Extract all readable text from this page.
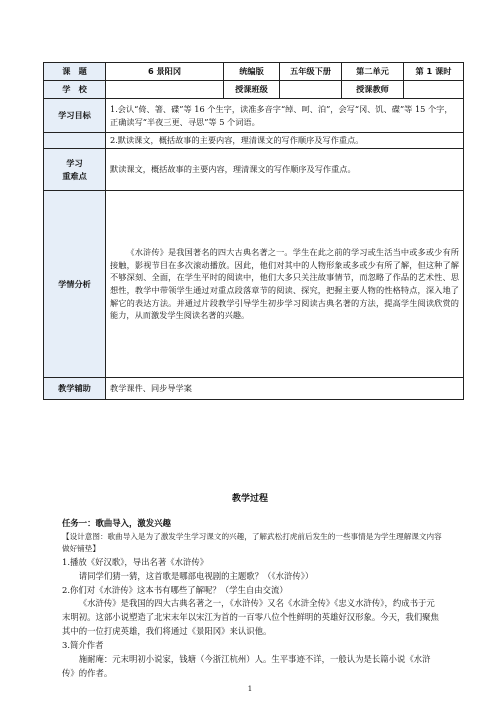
课　题	6 景阳冈	统编版	五年级下册	第二单元	第 1 课时
学　校		授课班级		授课教师	
学习目标	1.会认“倚、箸、碟”等 16 个生字，读准多音字“绰、呵、泊”，会写“冈、饥、碟”等 15 个字，正确读写“半夜三更、寻思”等 5 个词语。				

	2.默读课文，概括故事的主要内容，理清课文的写作顺序及写作重点。				

学习
重难点	默读课文，概括故事的主要内容，理清课文的写作顺序及写作重点。				
学情分析	《水浒传》是我国著名的四大古典名著之一。学生在此之前的学习或生活当中或多或少有所接触，影视节目在多次滚动播放。因此，他们对其中的人物形象或多或少有所了解，但这种了解不够深刻、全面，在学生平时的阅读中，他们大多只关注故事情节，而忽略了作品的艺术性、思想性，教学中带领学生通过对重点段落章节的阅读、探究，把握主要人物的性格特点，深入地了解它的表达方法。并通过片段教学引导学生初步学习阅读古典名著的方法，提高学生阅读欣赏的能力，从而激发学生阅读名著的兴趣。				
教学辅助	教学课件、同步导学案				
教学过程

任务一：歌曲导入，激发兴趣

【设计意图：歌曲导入是为了激发学生学习课文的兴趣，了解武松打虎前后发生的一些事情是为学生理解课文内容做好铺垫】

1.播放《好汉歌》，导出名著《水浒传》

请同学们猜一猜，这首歌是哪部电视剧的主题歌？（《水浒传》）

2.你们对《水浒传》这本书有哪些了解呢？（学生自由交流）

《水浒传》是我国的四大古典名著之一，《水浒传》又名《水浒全传》《忠义水浒传》，约成书于元末明初。这部小说塑造了北宋末年以宋江为首的一百零八位个性鲜明的英雄好汉形象。今天，我们聚焦其中的一位打虎英雄，我们将通过《景阳冈》来认识他。

3.简介作者

施耐庵：元末明初小说家，钱塘（今浙江杭州）人。生平事迹不详，一般认为是长篇小说《水浒传》的作者。

1
